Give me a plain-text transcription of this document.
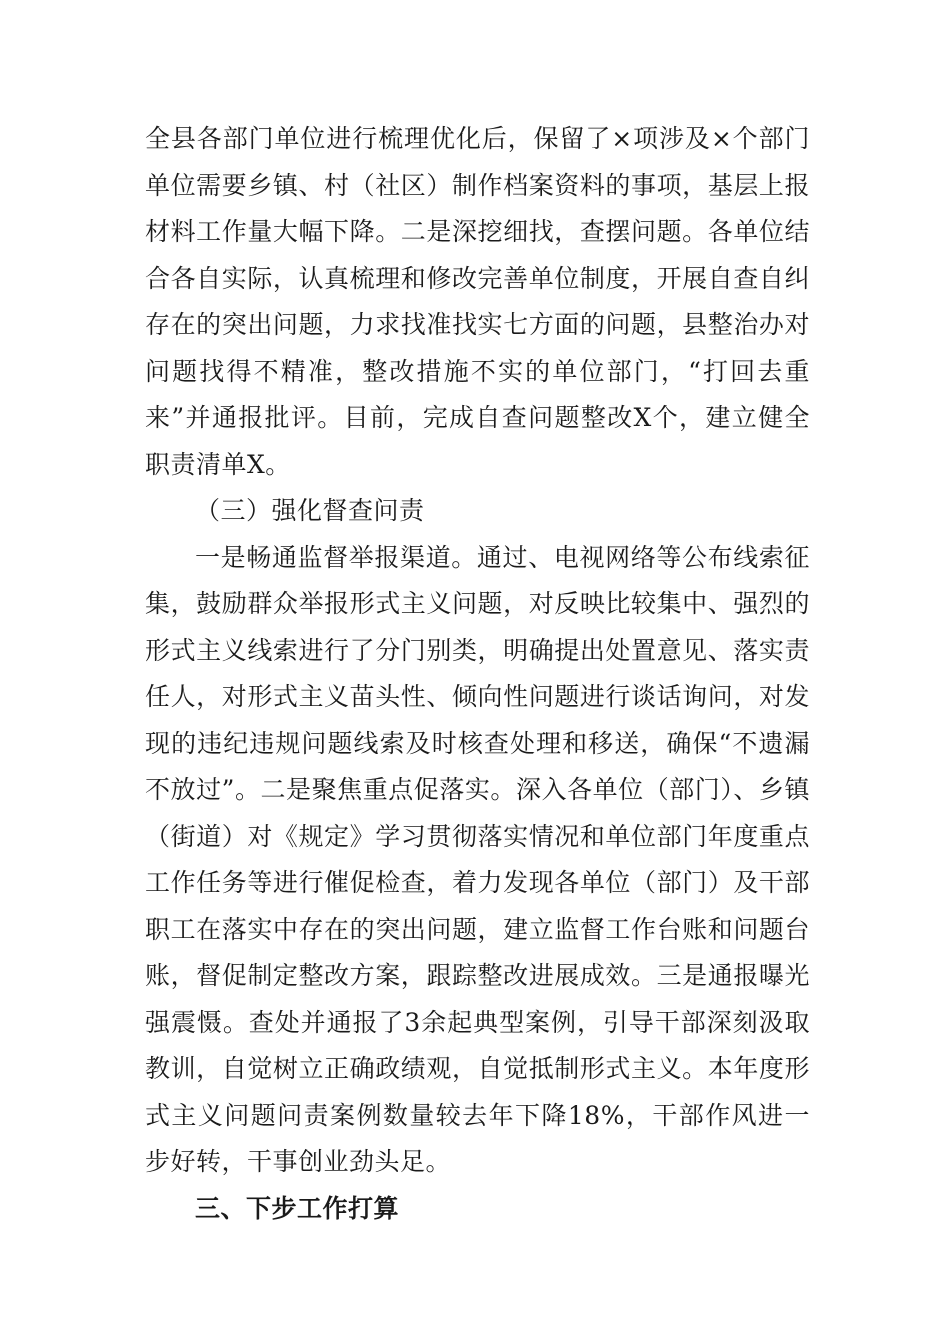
全县各部门单位进行梳理优化后，保留了×项涉及×个部门单位需要乡镇、村（社区）制作档案资料的事项，基层上报材料工作量大幅下降。二是深挖细找，查摆问题。各单位结合各自实际，认真梳理和修改完善单位制度，开展自查自纠存在的突出问题，力求找准找实七方面的问题，县整治办对问题找得不精准，整改措施不实的单位部门，“打回去重来”并通报批评。目前，完成自查问题整改X个，建立健全职责清单X。

（三）强化督查问责

一是畅通监督举报渠道。通过、电视网络等公布线索征集，鼓励群众举报形式主义问题，对反映比较集中、强烈的形式主义线索进行了分门别类，明确提出处置意见、落实责任人，对形式主义苗头性、倾向性问题进行谈话询问，对发现的违纪违规问题线索及时核查处理和移送，确保“不遗漏不放过”。二是聚焦重点促落实。深入各单位（部门）、乡镇（街道）对《规定》学习贯彻落实情况和单位部门年度重点工作任务等进行催促检查，着力发现各单位（部门）及干部职工在落实中存在的突出问题，建立监督工作台账和问题台账，督促制定整改方案，跟踪整改进展成效。三是通报曝光强震慑。查处并通报了3余起典型案例，引导干部深刻汲取教训，自觉树立正确政绩观，自觉抵制形式主义。本年度形式主义问题问责案例数量较去年下降18%，干部作风进一步好转，干事创业劲头足。

三、下步工作打算
